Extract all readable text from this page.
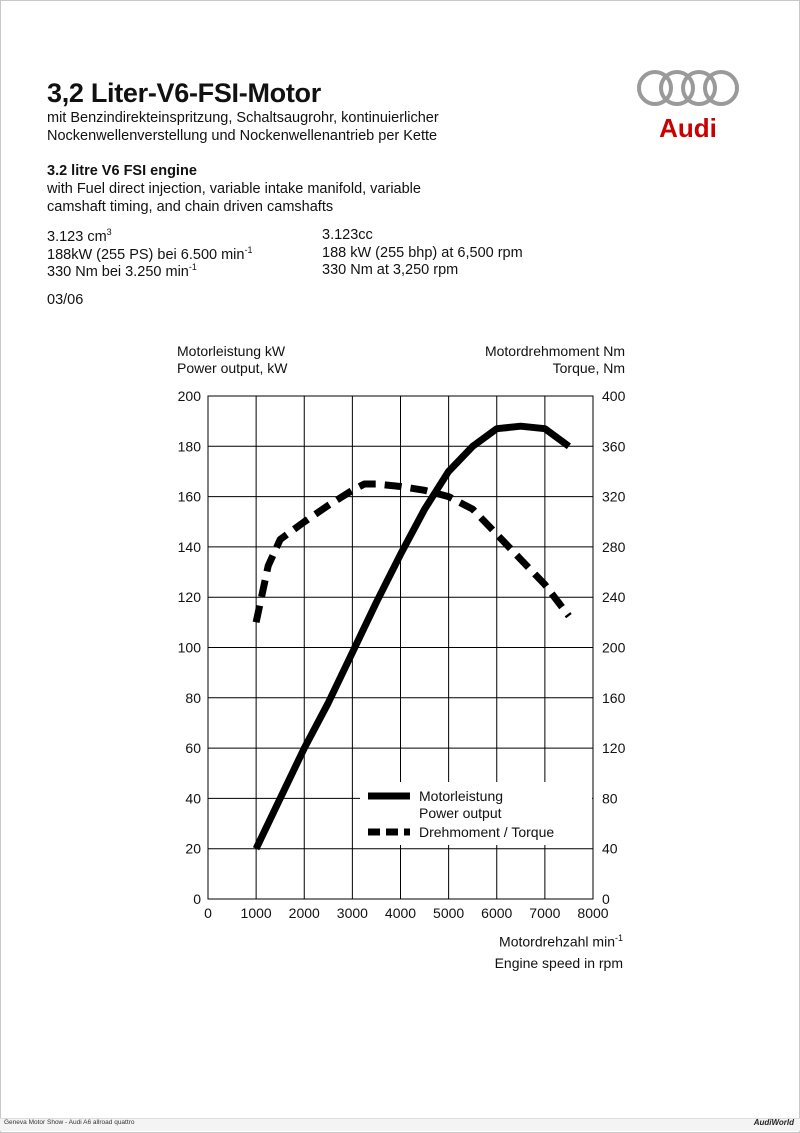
3,2 Liter-V6-FSI-Motor
mit Benzindirekteinspritzung, Schaltsaugrohr, kontinuierlicher
Nockenwellenverstellung und Nockenwellenantrieb per Kette
3.2 litre V6 FSI engine
with Fuel direct injection, variable intake manifold, variable
camshaft timing, and chain driven camshafts
3.123 $cm^3$
188kW (255 PS) bei 6.500 $\min^{-1}$
330 Nm bei 3.250 $\min^{-1}$
3.123cc
188 kW (255 bhp) at 6,500 rpm
330 Nm at 3,250 rpm
03/06
Audi
Motorleistung kW
Power output, kW
Motordrehmoment Nm
Torque, Nm
Motordrehzahl $\min^{-1}$
Engine speed in rpm
0 1000 2000 3000 4000 5000 6000 7000 8000
0	0
20	40
40	80
60	120
80	160
100	200
120	240
140	280
160	320
180	360
200	400
Motorleistung
Power output
Drehmoment / Torque
Geneva Motor Show - Audi A6 allroad quattro	AudiWorld
